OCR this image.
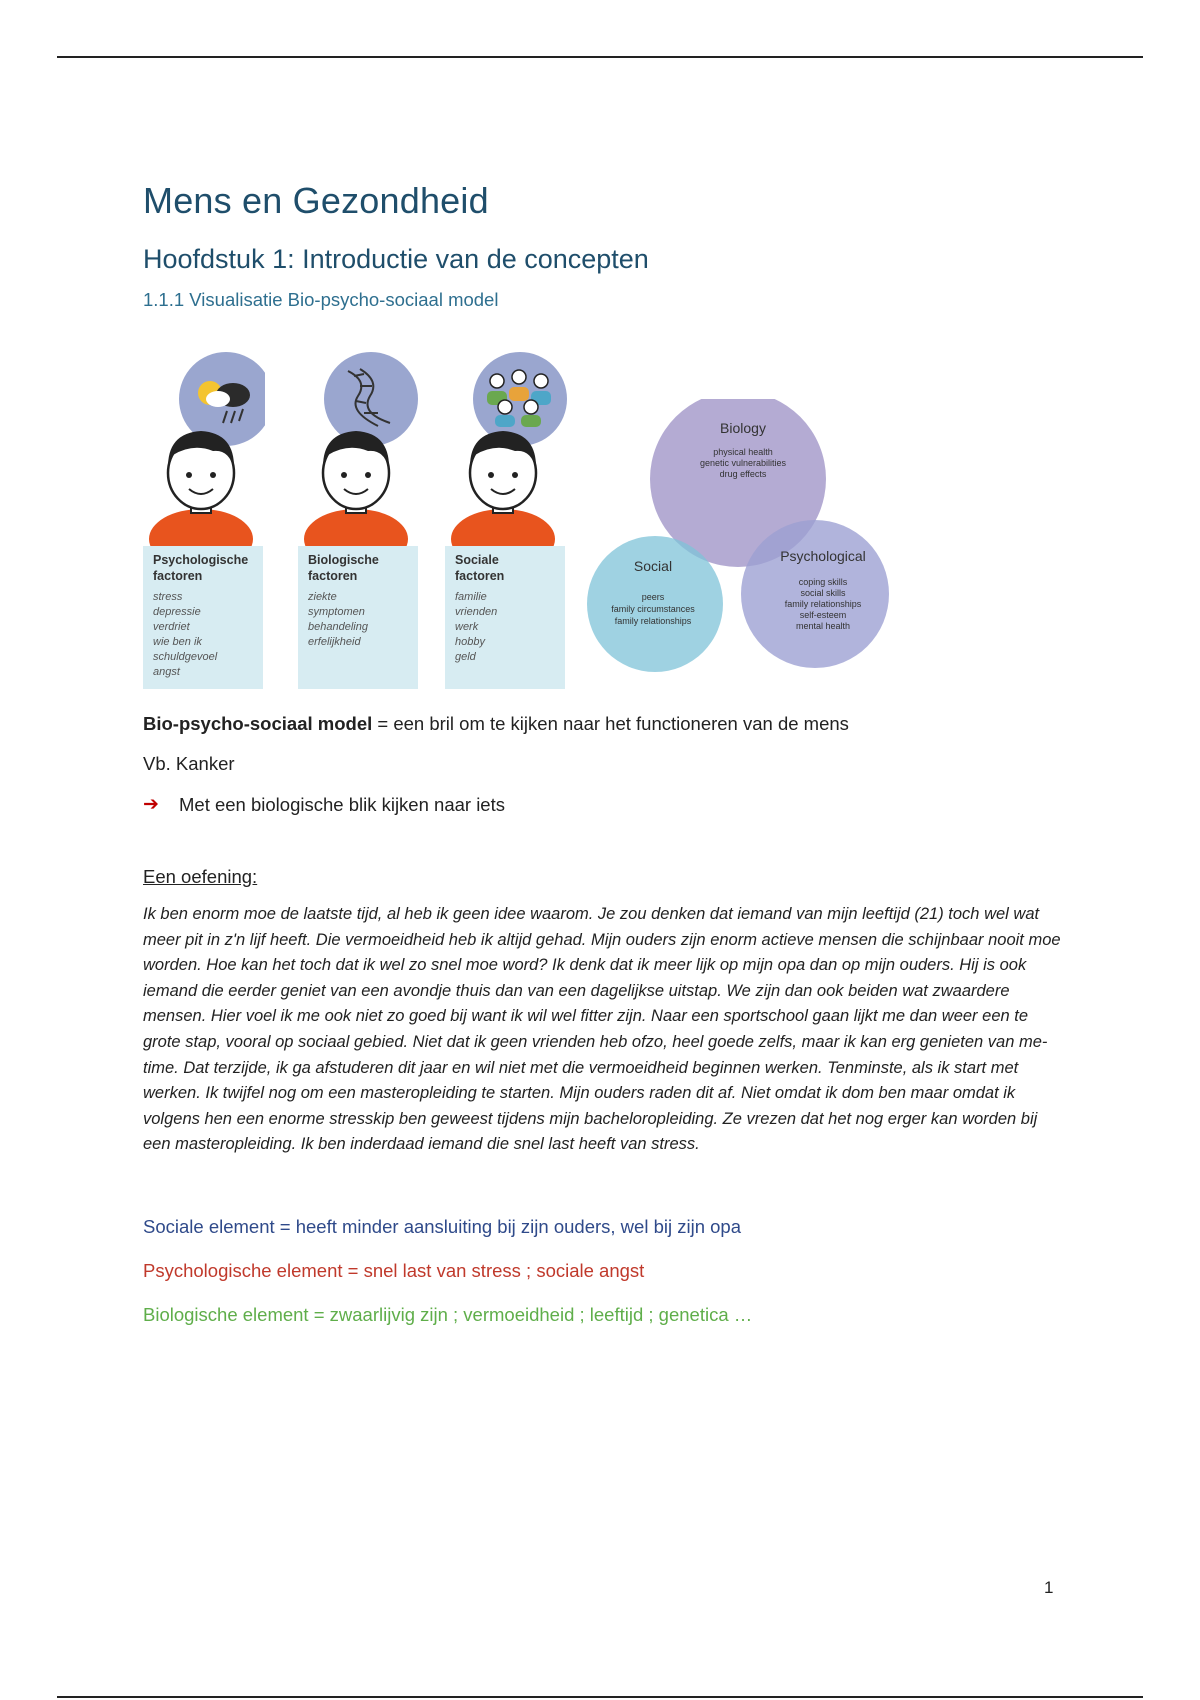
Mens en Gezondheid
Hoofdstuk 1: Introductie van de concepten
1.1.1 Visualisatie Bio-psycho-sociaal model
Psychologische
factoren
stress
depressie
verdriet
wie ben ik
schuldgevoel
angst
Biologische
factoren
ziekte
symptomen
behandeling
erfelijkheid
Sociale
factoren
familie
vrienden
werk
hobby
geld
Biology
physical health
genetic vulnerabilities
drug effects
Social
peers
family circumstances
family relationships
Psychological
coping skills
social skills
family relationships
self-esteem
mental health

Bio-psycho-sociaal model = een bril om te kijken naar het functioneren van de mens

Vb. Kanker

➔	Met een biologische blik kijken naar iets
Een oefening:
Ik ben enorm moe de laatste tijd, al heb ik geen idee waarom. Je zou denken dat iemand van mijn leeftijd (21) toch wel wat meer pit in z'n lijf heeft. Die vermoeidheid heb ik altijd gehad. Mijn ouders zijn enorm actieve mensen die schijnbaar nooit moe worden. Hoe kan het toch dat ik wel zo snel moe word? Ik denk dat ik meer lijk op mijn opa dan op mijn ouders. Hij is ook iemand die eerder geniet van een avondje thuis dan van een dagelijkse uitstap. We zijn dan ook beiden wat zwaardere mensen. Hier voel ik me ook niet zo goed bij want ik wil wel fitter zijn. Naar een sportschool gaan lijkt me dan weer een te grote stap, vooral op sociaal gebied. Niet dat ik geen vrienden heb ofzo, heel goede zelfs, maar ik kan erg genieten van me-time. Dat terzijde, ik ga afstuderen dit jaar en wil niet met die vermoeidheid beginnen werken. Tenminste, als ik start met werken. Ik twijfel nog om een masteropleiding te starten. Mijn ouders raden dit af. Niet omdat ik dom ben maar omdat ik volgens hen een enorme stresskip ben geweest tijdens mijn bacheloropleiding. Ze vrezen dat het nog erger kan worden bij een masteropleiding. Ik ben inderdaad iemand die snel last heeft van stress.

Sociale element = heeft minder aansluiting bij zijn ouders, wel bij zijn opa

Psychologische element = snel last van stress ; sociale angst

Biologische element = zwaarlijvig zijn ; vermoeidheid ; leeftijd ; genetica …

1
